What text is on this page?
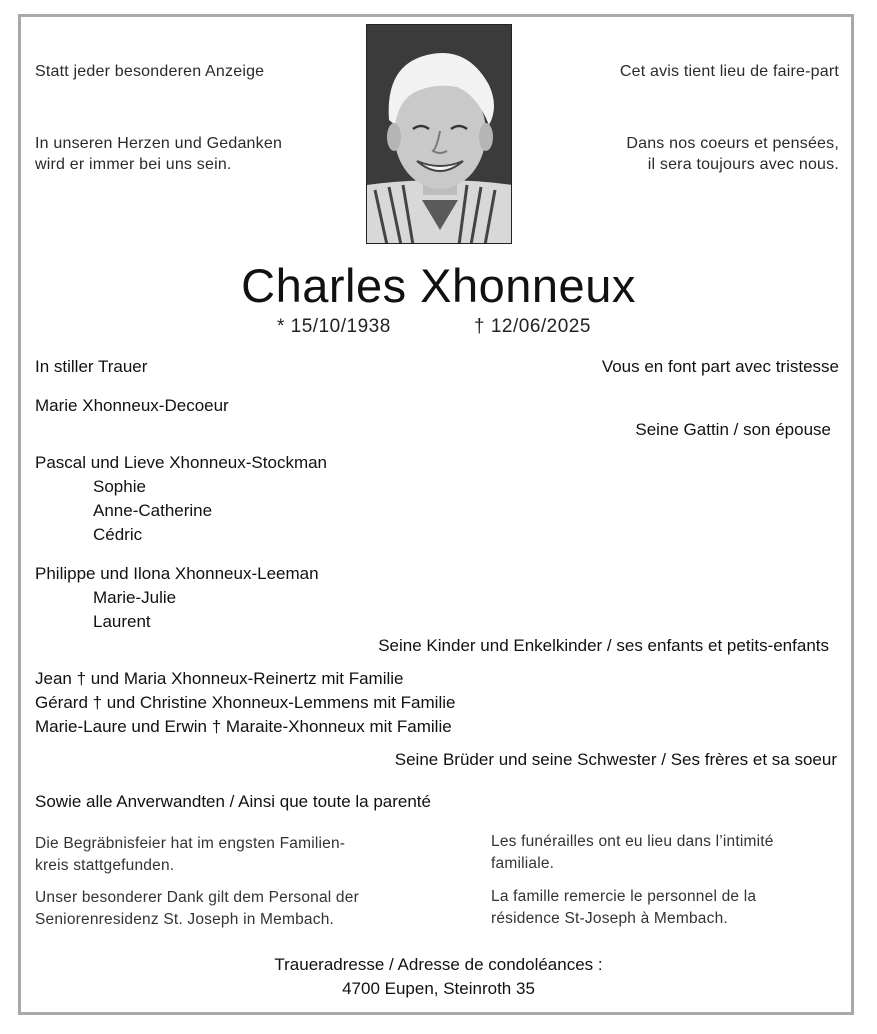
Statt jeder besonderen Anzeige
In unseren Herzen und Gedanken
wird er immer bei uns sein.
Cet avis tient lieu de faire-part
Dans nos coeurs et pensées,
il sera toujours avec nous.
Charles Xhonneux
* 15/10/1938	† 12/06/2025
In stiller Trauer	Vous en font part avec tristesse
Marie Xhonneux-Decoeur
Seine Gattin / son épouse
Pascal und Lieve Xhonneux-Stockman
Sophie
Anne-Catherine
Cédric
Philippe und Ilona Xhonneux-Leeman
Marie-Julie
Laurent
Seine Kinder und Enkelkinder / ses enfants et petits-enfants
Jean † und Maria Xhonneux-Reinertz mit Familie
Gérard † und Christine Xhonneux-Lemmens mit Familie
Marie-Laure und Erwin † Maraite-Xhonneux mit Familie
Seine Brüder und seine Schwester / Ses frères et sa soeur
Sowie alle Anverwandten / Ainsi que toute la parenté
Die Begräbnisfeier hat im engsten Familien-
kreis stattgefunden.
Unser besonderer Dank gilt dem Personal der
Seniorenresidenz St. Joseph in Membach.
Les funérailles ont eu lieu dans l’intimité
familiale.
La famille remercie le personnel de la
résidence St-Joseph à Membach.
Traueradresse / Adresse de condoléances :
4700 Eupen, Steinroth 35
